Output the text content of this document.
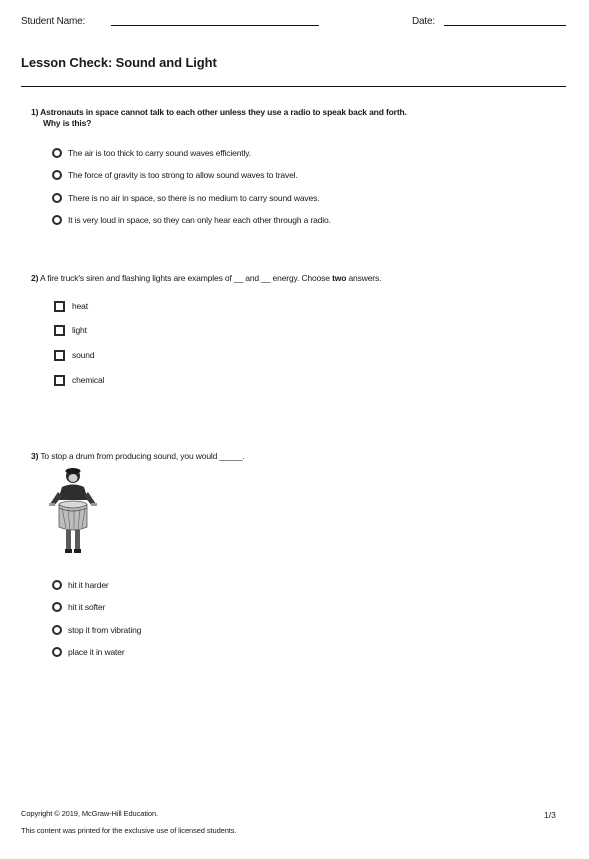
Student Name:	Date:
Lesson Check: Sound and Light
1) Astronauts in space cannot talk to each other unless they use a radio to speak back and forth.
Why is this?
The air is too thick to carry sound waves efficiently.
The force of gravity is too strong to allow sound waves to travel.
There is no air in space, so there is no medium to carry sound waves.
It is very loud in space, so they can only hear each other through a radio.
2) A fire truck's siren and flashing lights are examples of __ and __ energy. Choose two answers.
heat
light
sound
chemical
3) To stop a drum from producing sound, you would _____.
hit it harder
hit it softer
stop it from vibrating
place it in water
Copyright © 2019, McGraw-Hill Education.
This content was printed for the exclusive use of licensed students.
1/3
